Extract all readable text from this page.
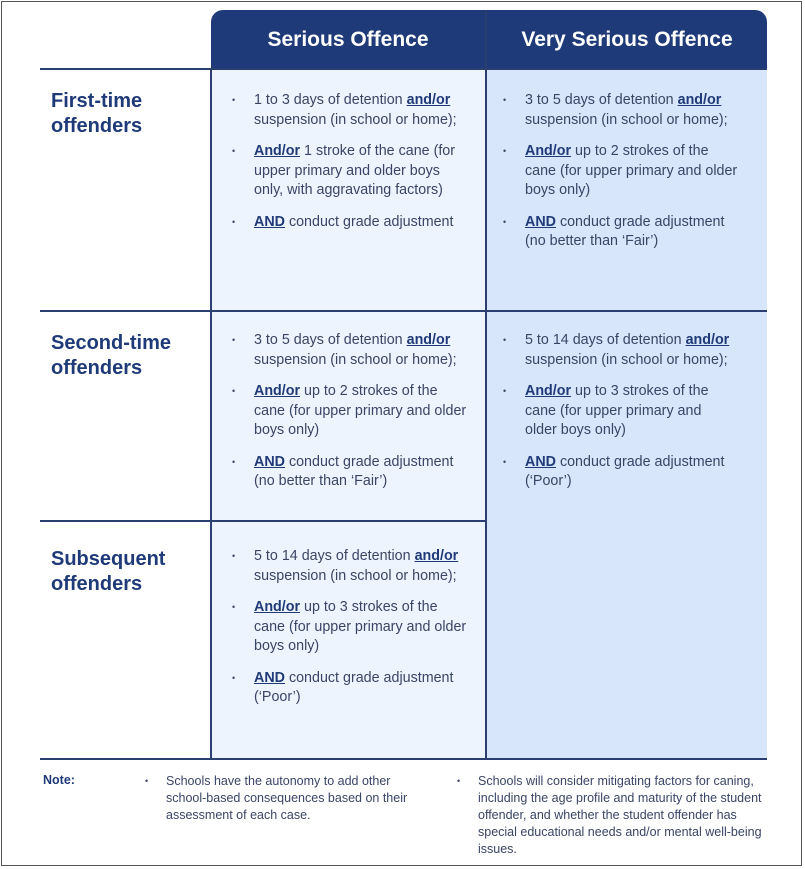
Serious Offence	Very Serious Offence
First-time
offenders
Second-time
offenders
Subsequent
offenders
• 1 to 3 days of detention and/or suspension (in school or home);
• And/or 1 stroke of the cane (for upper primary and older boys only, with aggravating factors)
• AND conduct grade adjustment
• 3 to 5 days of detention and/or suspension (in school or home);
• And/or up to 2 strokes of the cane (for upper primary and older boys only)
• AND conduct grade adjustment (no better than ‘Fair’)
• 3 to 5 days of detention and/or suspension (in school or home);
• And/or up to 2 strokes of the cane (for upper primary and older boys only)
• AND conduct grade adjustment (no better than ‘Fair’)
• 5 to 14 days of detention and/or suspension (in school or home);
• And/or up to 3 strokes of the cane (for upper primary and older boys only)
• AND conduct grade adjustment (‘Poor’)
• 5 to 14 days of detention and/or suspension (in school or home);
• And/or up to 3 strokes of the cane (for upper primary and older boys only)
• AND conduct grade adjustment (‘Poor’)
Note:	• Schools have the autonomy to add other school-based consequences based on their assessment of each case.
• Schools will consider mitigating factors for caning, including the age profile and maturity of the student offender, and whether the student offender has special educational needs and/or mental well-being issues.
